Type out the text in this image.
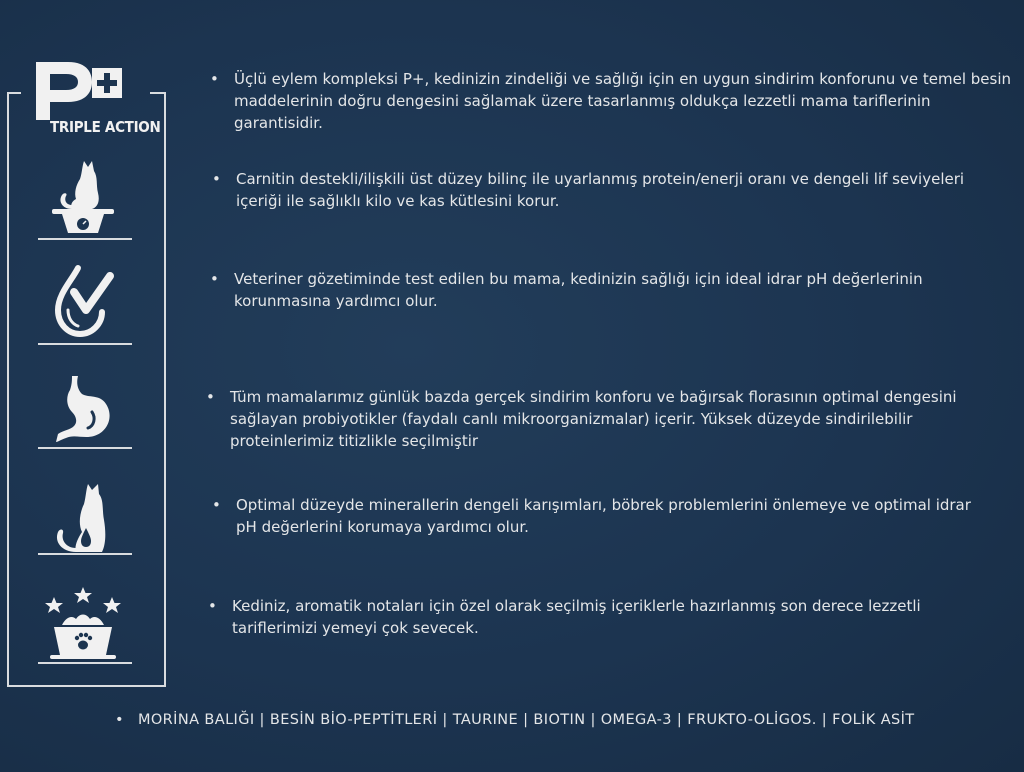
TRIPLE ACTION
• Üçlü eylem kompleksi P+, kedinizin zindeliği ve sağlığı için en uygun sindirim konforunu ve temel besin maddelerinin doğru dengesini sağlamak üzere tasarlanmış oldukça lezzetli mama tariflerinin garantisidir.
• Carnitin destekli/ilişkili üst düzey bilinç ile uyarlanmış protein/enerji oranı ve dengeli lif seviyeleri içeriği ile sağlıklı kilo ve kas kütlesini korur.
• Veteriner gözetiminde test edilen bu mama, kedinizin sağlığı için ideal idrar pH değerlerinin korunmasına yardımcı olur.
• Tüm mamalarımız günlük bazda gerçek sindirim konforu ve bağırsak florasının optimal dengesini sağlayan probiyotikler (faydalı canlı mikroorganizmalar) içerir. Yüksek düzeyde sindirilebilir proteinlerimiz titizlikle seçilmiştir
• Optimal düzeyde minerallerin dengeli karışımları, böbrek problemlerini önlemeye ve optimal idrar pH değerlerini korumaya yardımcı olur.
• Kediniz, aromatik notaları için özel olarak seçilmiş içeriklerle hazırlanmış son derece lezzetli tariflerimizi yemeyi çok sevecek.
• MORİNA BALIĞI | BESİN BİO-PEPTİTLERİ | TAURINE | BIOTIN | OMEGA-3 | FRUKTO-OLİGOS. | FOLİK ASİT
